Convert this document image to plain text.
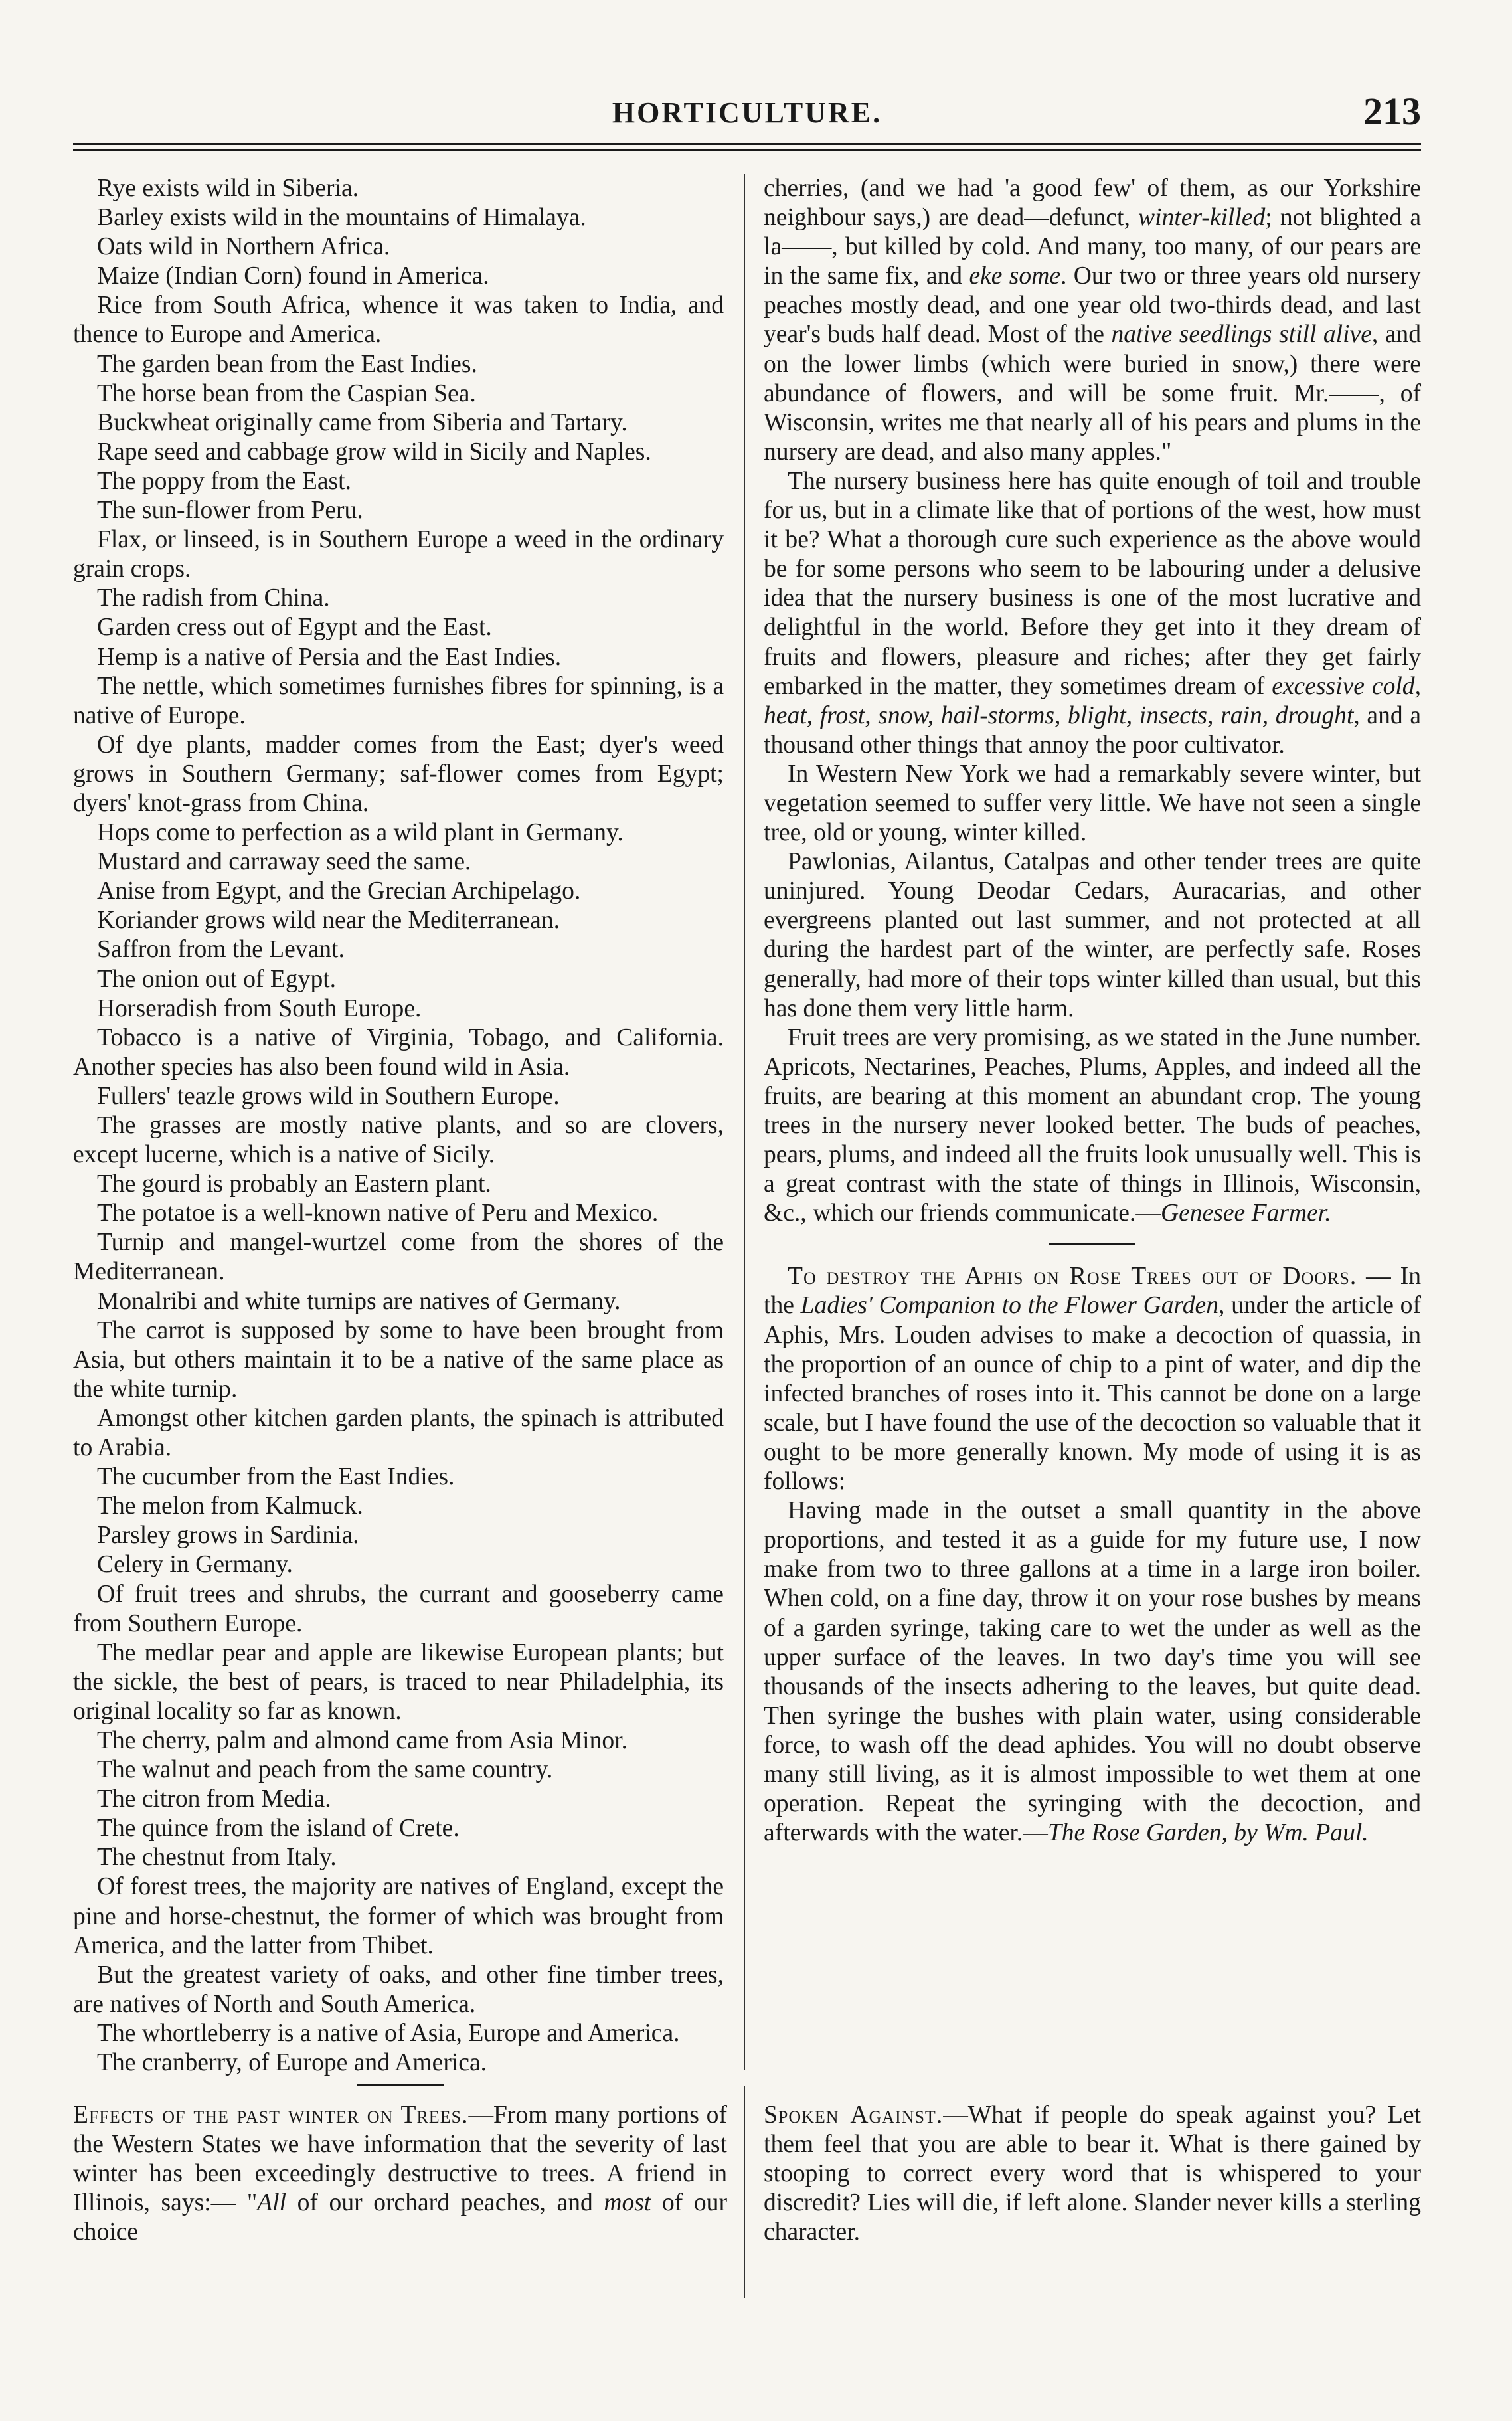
HORTICULTURE.	213

Rye exists wild in Siberia.

Barley exists wild in the mountains of Himalaya.

Oats wild in Northern Africa.

Maize (Indian Corn) found in America.

Rice from South Africa, whence it was taken to India, and thence to Europe and America.

The garden bean from the East Indies.

The horse bean from the Caspian Sea.

Buckwheat originally came from Siberia and Tartary.

Rape seed and cabbage grow wild in Sicily and Naples.

The poppy from the East.

The sun-flower from Peru.

Flax, or linseed, is in Southern Europe a weed in the ordinary grain crops.

The radish from China.

Garden cress out of Egypt and the East.

Hemp is a native of Persia and the East Indies.

The nettle, which sometimes furnishes fibres for spinning, is a native of Europe.

Of dye plants, madder comes from the East; dyer's weed grows in Southern Germany; saf-flower comes from Egypt; dyers' knot-grass from China.

Hops come to perfection as a wild plant in Germany.

Mustard and carraway seed the same.

Anise from Egypt, and the Grecian Archipelago.

Koriander grows wild near the Mediterranean.

Saffron from the Levant.

The onion out of Egypt.

Horseradish from South Europe.

Tobacco is a native of Virginia, Tobago, and California. Another species has also been found wild in Asia.

Fullers' teazle grows wild in Southern Europe.

The grasses are mostly native plants, and so are clovers, except lucerne, which is a native of Sicily.

The gourd is probably an Eastern plant.

The potatoe is a well-known native of Peru and Mexico.

Turnip and mangel-wurtzel come from the shores of the Mediterranean.

Monalribi and white turnips are natives of Germany.

The carrot is supposed by some to have been brought from Asia, but others maintain it to be a native of the same place as the white turnip.

Amongst other kitchen garden plants, the spinach is attributed to Arabia.

The cucumber from the East Indies.

The melon from Kalmuck.

Parsley grows in Sardinia.

Celery in Germany.

Of fruit trees and shrubs, the currant and gooseberry came from Southern Europe.

The medlar pear and apple are likewise European plants; but the sickle, the best of pears, is traced to near Philadelphia, its original locality so far as known.

The cherry, palm and almond came from Asia Minor.

The walnut and peach from the same country.

The citron from Media.

The quince from the island of Crete.

The chestnut from Italy.

Of forest trees, the majority are natives of England, except the pine and horse-chestnut, the former of which was brought from America, and the latter from Thibet.

But the greatest variety of oaks, and other fine timber trees, are natives of North and South America.

The whortleberry is a native of Asia, Europe and America.

The cranberry, of Europe and America.

cherries, (and we had 'a good few' of them, as our Yorkshire neighbour says,) are dead—defunct, winter-killed; not blighted a la——, but killed by cold. And many, too many, of our pears are in the same fix, and eke some. Our two or three years old nursery peaches mostly dead, and one year old two-thirds dead, and last year's buds half dead. Most of the native seedlings still alive, and on the lower limbs (which were buried in snow,) there were abundance of flowers, and will be some fruit. Mr.——, of Wisconsin, writes me that nearly all of his pears and plums in the nursery are dead, and also many apples."

The nursery business here has quite enough of toil and trouble for us, but in a climate like that of portions of the west, how must it be? What a thorough cure such experience as the above would be for some persons who seem to be labouring under a delusive idea that the nursery business is one of the most lucrative and delightful in the world. Before they get into it they dream of fruits and flowers, pleasure and riches; after they get fairly embarked in the matter, they sometimes dream of excessive cold, heat, frost, snow, hail-storms, blight, insects, rain, drought, and a thousand other things that annoy the poor cultivator.

In Western New York we had a remarkably severe winter, but vegetation seemed to suffer very little. We have not seen a single tree, old or young, winter killed.

Pawlonias, Ailantus, Catalpas and other tender trees are quite uninjured. Young Deodar Cedars, Auracarias, and other evergreens planted out last summer, and not protected at all during the hardest part of the winter, are perfectly safe. Roses generally, had more of their tops winter killed than usual, but this has done them very little harm.

Fruit trees are very promising, as we stated in the June number. Apricots, Nectarines, Peaches, Plums, Apples, and indeed all the fruits, are bearing at this moment an abundant crop. The young trees in the nursery never looked better. The buds of peaches, pears, plums, and indeed all the fruits look unusually well. This is a great contrast with the state of things in Illinois, Wisconsin, &c., which our friends communicate.—Genesee Farmer.

To destroy the Aphis on Rose Trees out of Doors. — In the Ladies' Companion to the Flower Garden, under the article of Aphis, Mrs. Louden advises to make a decoction of quassia, in the proportion of an ounce of chip to a pint of water, and dip the infected branches of roses into it. This cannot be done on a large scale, but I have found the use of the decoction so valuable that it ought to be more generally known. My mode of using it is as follows:

Having made in the outset a small quantity in the above proportions, and tested it as a guide for my future use, I now make from two to three gallons at a time in a large iron boiler. When cold, on a fine day, throw it on your rose bushes by means of a garden syringe, taking care to wet the under as well as the upper surface of the leaves. In two day's time you will see thousands of the insects adhering to the leaves, but quite dead. Then syringe the bushes with plain water, using considerable force, to wash off the dead aphides. You will no doubt observe many still living, as it is almost impossible to wet them at one operation. Repeat the syringing with the decoction, and afterwards with the water.—The Rose Garden, by Wm. Paul.

Effects of the past winter on Trees.—From many portions of the Western States we have information that the severity of last winter has been exceedingly destructive to trees. A friend in Illinois, says:— "All of our orchard peaches, and most of our choice

Spoken Against.—What if people do speak against you? Let them feel that you are able to bear it. What is there gained by stooping to correct every word that is whispered to your discredit? Lies will die, if left alone. Slander never kills a sterling character.
